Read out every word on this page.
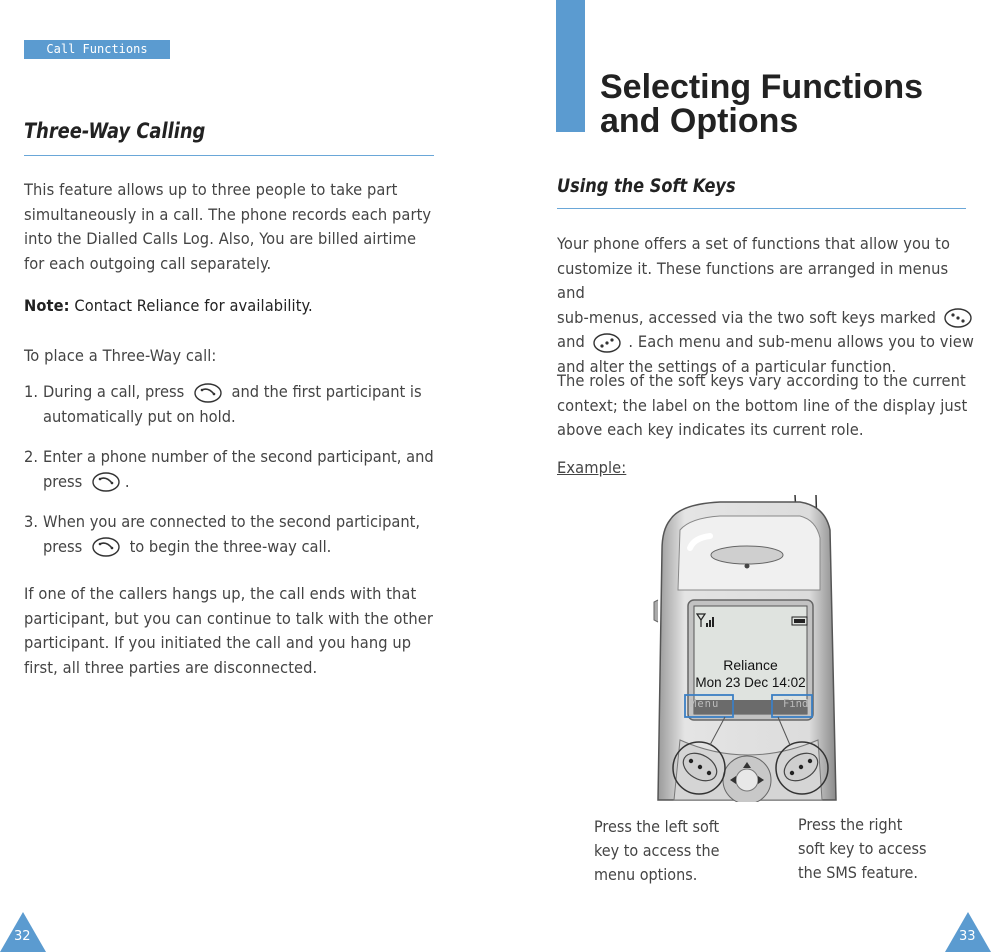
Call Functions
Three-Way Calling

This feature allows up to three people to take part

simultaneously in a call. The phone records each party

into the Dialled Calls Log. Also, You are billed airtime

for each outgoing call separately.

Note: Contact Reliance for availability.
To place a Three-Way call:
1. During a call, press	and the first participant is
automatically put on hold.
2. Enter a phone number of the second participant, and
press	.
3. When you are connected to the second participant,
press	to begin the three-way call.

If one of the callers hangs up, the call ends with that

participant, but you can continue to talk with the other

participant. If you initiated the call and you hang up

first, all three parties are disconnected.

32
Selecting Functions
and Options
Using the Soft Keys

Your phone offers a set of functions that allow you to

customize it. These functions are arranged in menus and

sub-menus, accessed via the two soft keys marked

and	. Each menu and sub-menu allows you to view

and alter the settings of a particular function.

The roles of the soft keys vary according to the current

context; the label on the bottom line of the display just

above each key indicates its current role.

Example:
Reliance
Mon 23 Dec 14:02
Menu	Find
Press the left soft
key to access the
menu options.
Press the right
soft key to access
the SMS feature.
33
